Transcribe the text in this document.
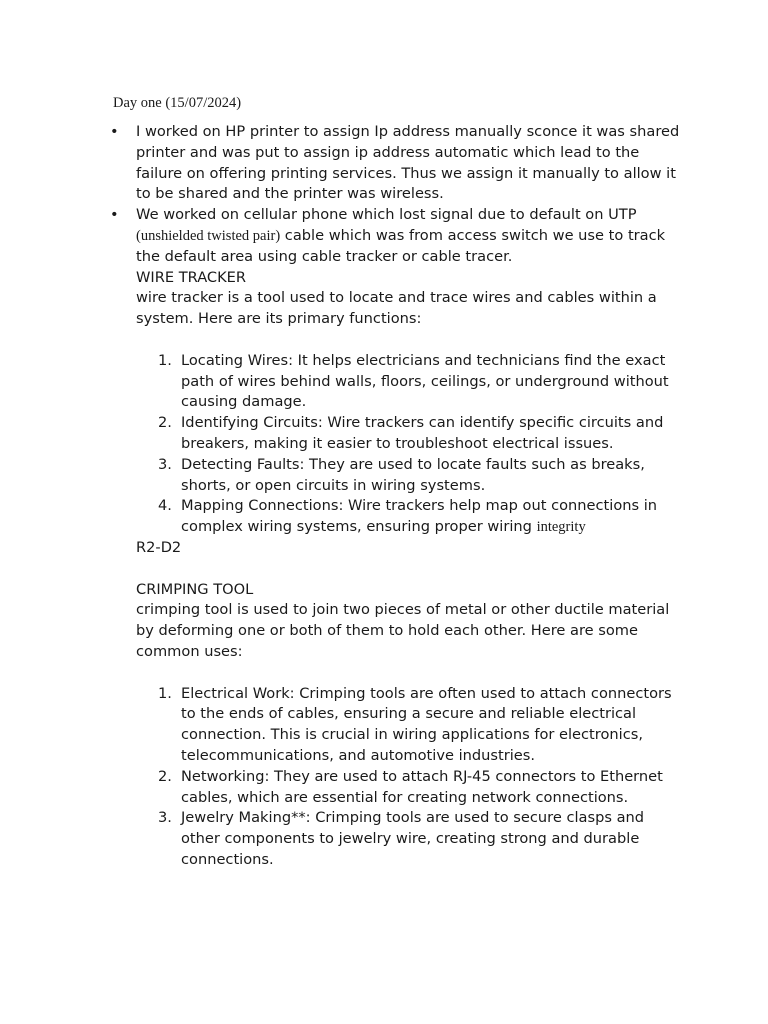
Day one (15/07/2024)
• I worked on HP printer to assign Ip address manually sconce it was shared printer and was put to assign ip address automatic which lead to the failure on offering printing services. Thus we assign it manually to allow it to be shared and the printer was wireless.
• We worked on cellular phone which lost signal due to default on UTP (unshielded twisted pair) cable which was from access switch we use to track the default area using cable tracker or cable tracer.
WIRE TRACKER
wire tracker is a tool used to locate and trace wires and cables within a system. Here are its primary functions:
1. Locating Wires: It helps electricians and technicians find the exact path of wires behind walls, floors, ceilings, or underground without causing damage.
2. Identifying Circuits: Wire trackers can identify specific circuits and breakers, making it easier to troubleshoot electrical issues.
3. Detecting Faults: They are used to locate faults such as breaks, shorts, or open circuits in wiring systems.
4. Mapping Connections: Wire trackers help map out connections in complex wiring systems, ensuring proper wiring integrity
R2-D2
CRIMPING TOOL
crimping tool is used to join two pieces of metal or other ductile material by deforming one or both of them to hold each other. Here are some common uses:
1. Electrical Work: Crimping tools are often used to attach connectors to the ends of cables, ensuring a secure and reliable electrical connection. This is crucial in wiring applications for electronics, telecommunications, and automotive industries.
2. Networking: They are used to attach RJ-45 connectors to Ethernet cables, which are essential for creating network connections.
3. Jewelry Making**: Crimping tools are used to secure clasps and other components to jewelry wire, creating strong and durable connections.
